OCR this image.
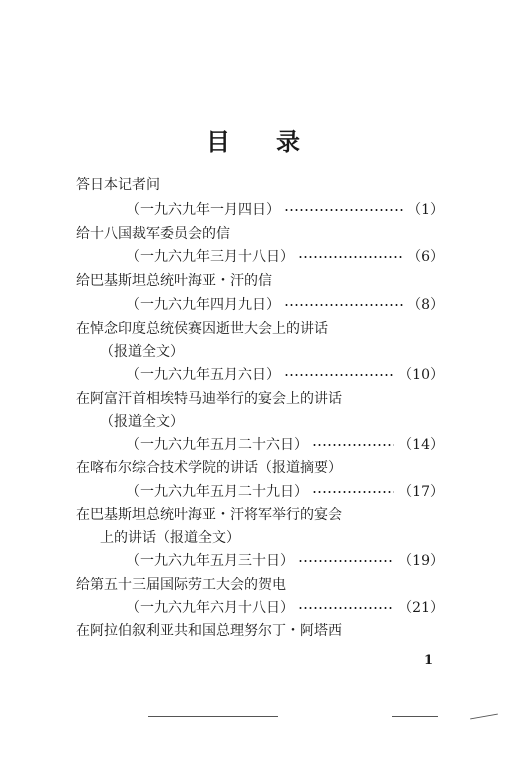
目 录
答日本记者问
（一九六九年一月四日）	（1）
给十八国裁军委员会的信
（一九六九年三月十八日）	（6）
给巴基斯坦总统叶海亚・汗的信
（一九六九年四月九日）	（8）
在悼念印度总统侯赛因逝世大会上的讲话
（报道全文）
（一九六九年五月六日）	（10）
在阿富汗首相埃特马迪举行的宴会上的讲话
（报道全文）
（一九六九年五月二十六日）	（14）
在喀布尔综合技术学院的讲话（报道摘要）
（一九六九年五月二十九日）	（17）
在巴基斯坦总统叶海亚・汗将军举行的宴会
上的讲话（报道全文）
（一九六九年五月三十日）	（19）
给第五十三届国际劳工大会的贺电
（一九六九年六月十八日）	（21）
在阿拉伯叙利亚共和国总理努尔丁・阿塔西
1
